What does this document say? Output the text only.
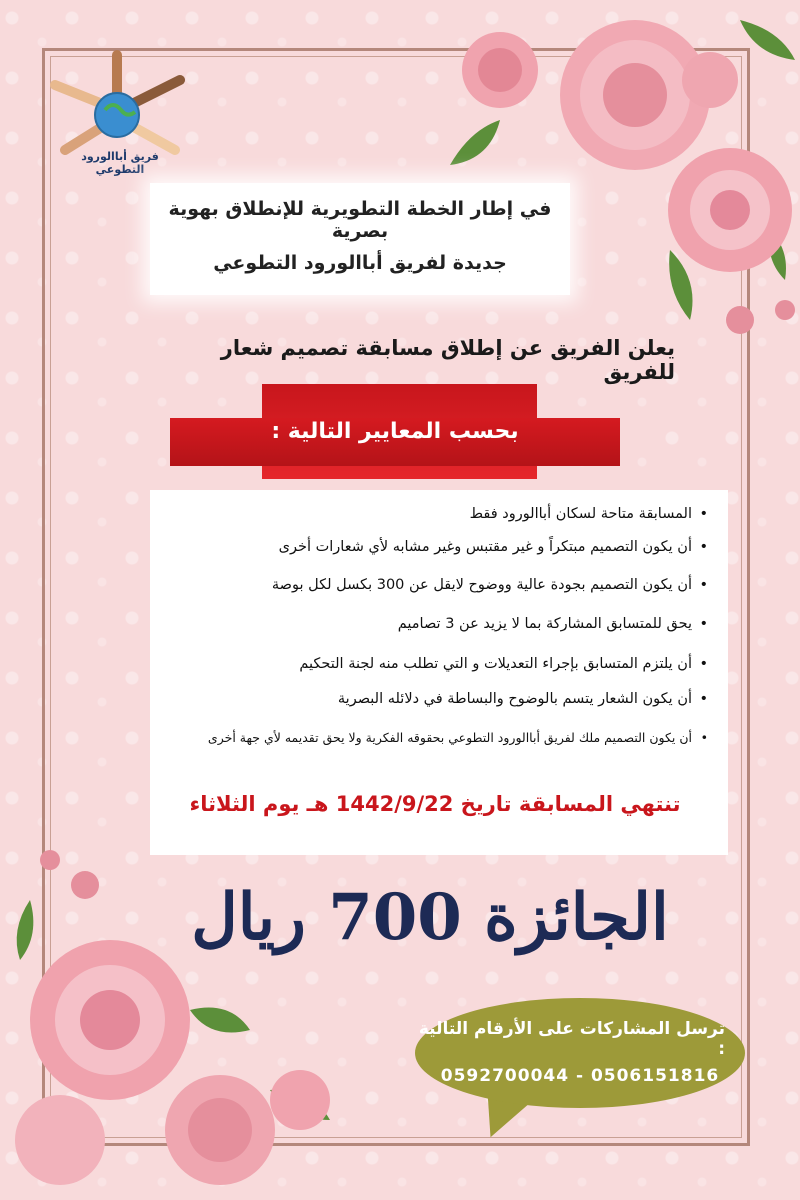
فريق أباالورود التطوعي
في إطار الخطة التطويرية للإنطلاق بهوية بصرية
جديدة لفريق أباالورود التطوعي
يعلن الفريق عن إطلاق مسابقة تصميم شعار للفريق
بحسب المعايير التالية :
• المسابقة متاحة لسكان أباالورود فقط
• أن يكون التصميم مبتكراً و غير مقتبس وغير مشابه لأي شعارات أخرى
• أن يكون التصميم بجودة عالية ووضوح لايقل عن 300 بكسل لكل بوصة
• يحق للمتسابق المشاركة بما لا يزيد عن 3 تصاميم
• أن يلتزم المتسابق بإجراء التعديلات و التي تطلب منه لجنة التحكيم
• أن يكون الشعار يتسم بالوضوح والبساطة في دلائله البصرية
• أن يكون التصميم ملك لفريق أباالورود التطوعي بحقوقه الفكرية ولا يحق تقديمه لأي جهة أخرى
تنتهي المسابقة تاريخ 1442/9/22 هـ يوم الثلاثاء
الجائزة 700 ريال
ترسل المشاركات على الأرقام التالية :
0592700044 - 0506151816
